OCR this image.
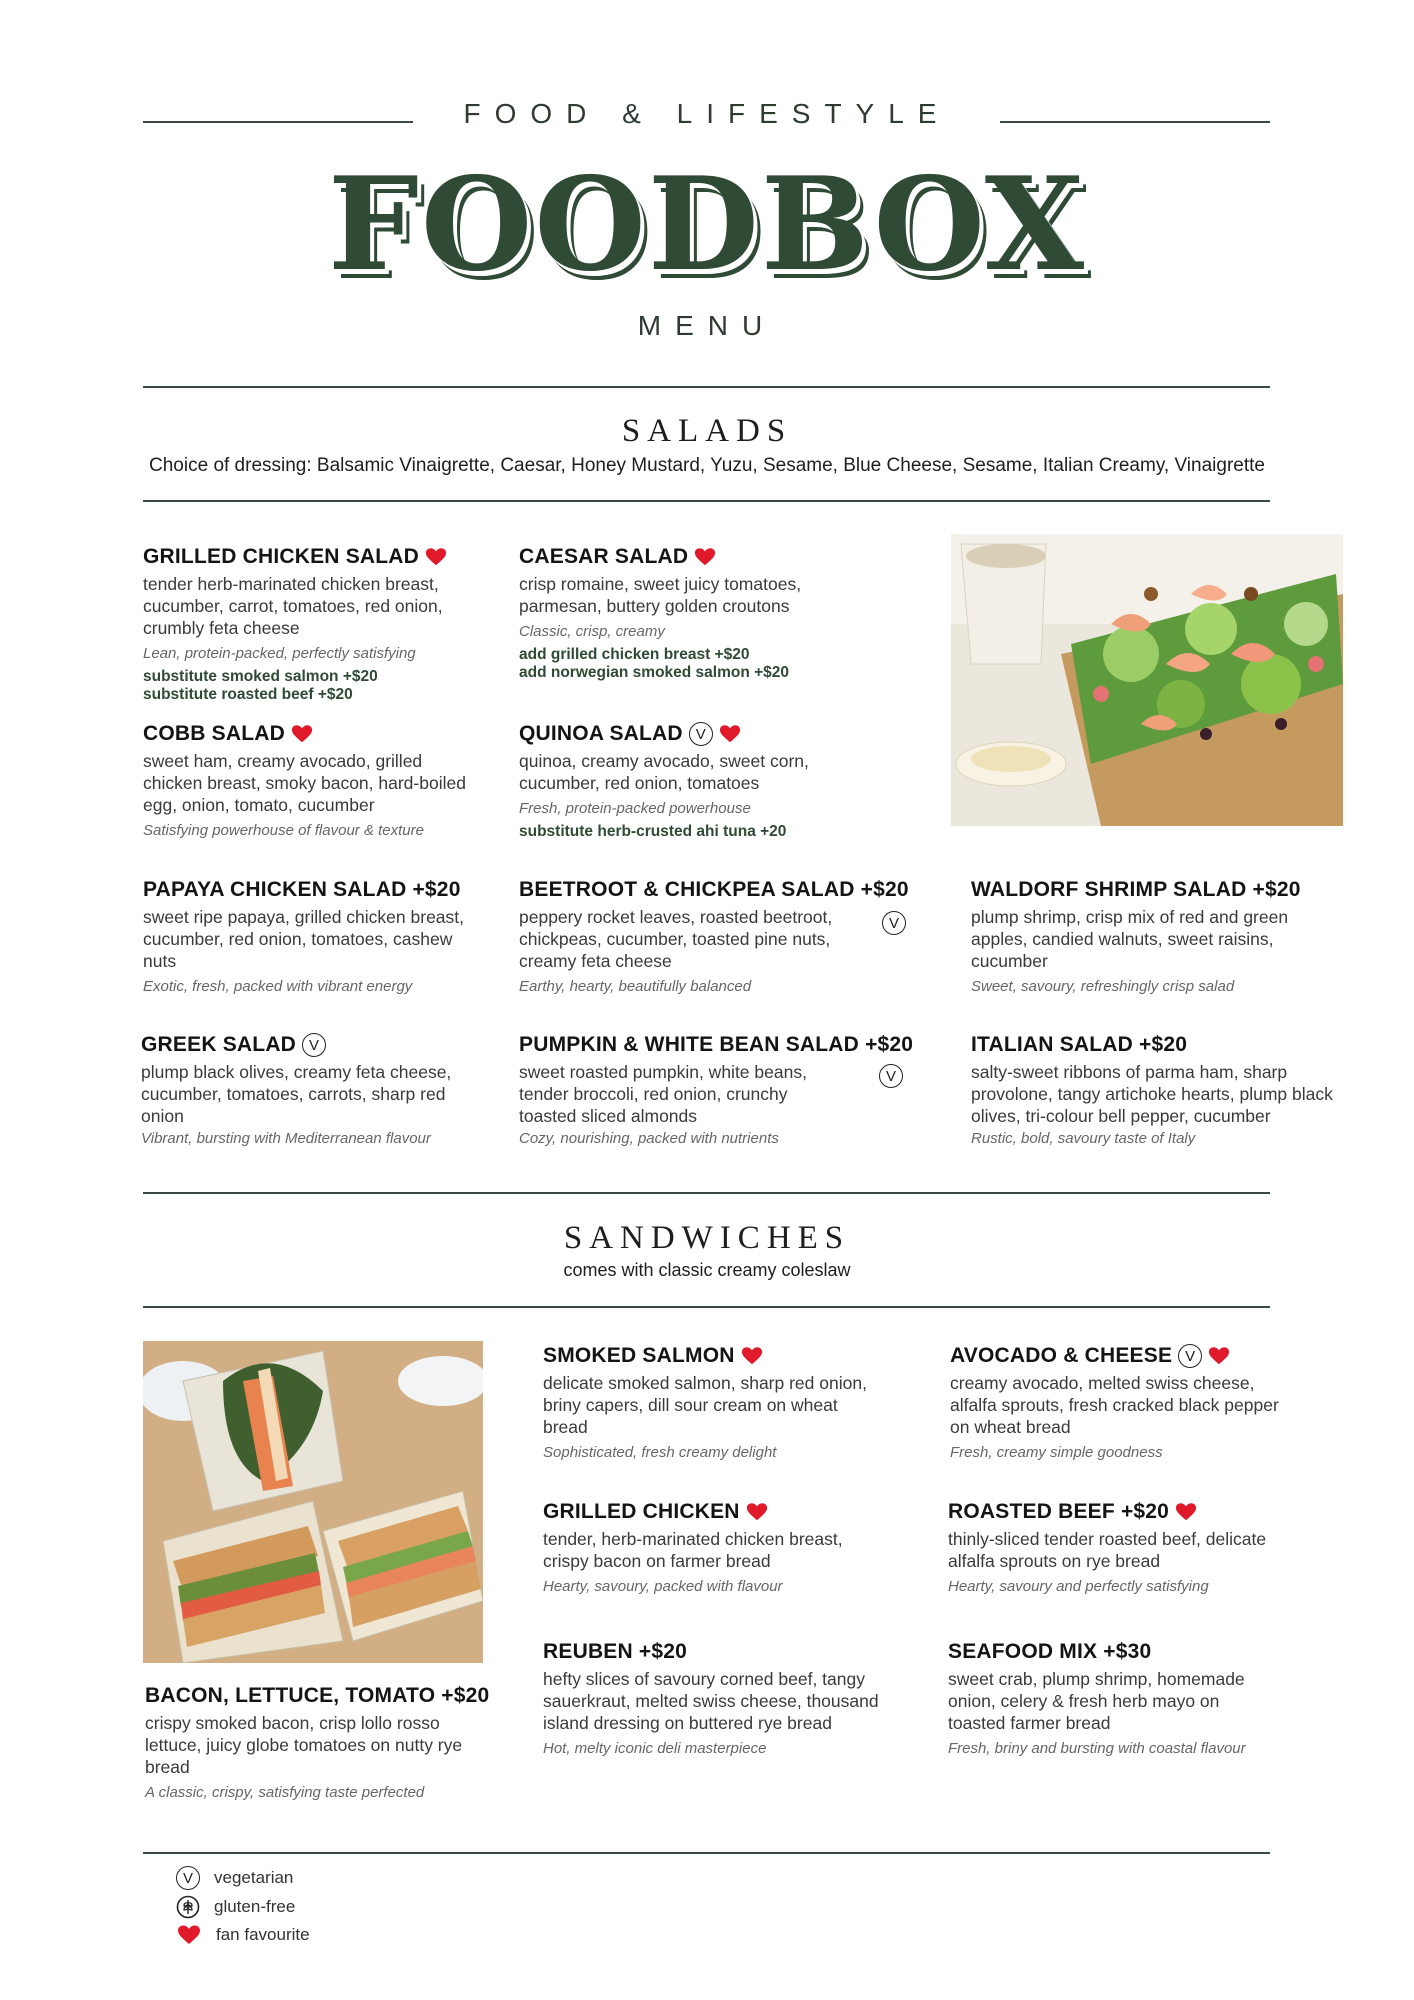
FOOD & LIFESTYLE
FOODBOX
MENU
SALADS
Choice of dressing: Balsamic Vinaigrette, Caesar, Honey Mustard, Yuzu, Sesame, Blue Cheese, Sesame, Italian Creamy, Vinaigrette
GRILLED CHICKEN SALAD
tender herb-marinated chicken breast, cucumber, carrot, tomatoes, red onion, crumbly feta cheese
Lean, protein-packed, perfectly satisfying
substitute smoked salmon +$20
substitute roasted beef +$20
CAESAR SALAD
crisp romaine, sweet juicy tomatoes, parmesan, buttery golden croutons
Classic, crisp, creamy
add grilled chicken breast +$20
add norwegian smoked salmon +$20
COBB SALAD
sweet ham, creamy avocado, grilled chicken breast, smoky bacon, hard-boiled egg, onion, tomato, cucumber
Satisfying powerhouse of flavour & texture
QUINOA SALAD V
quinoa, creamy avocado, sweet corn, cucumber, red onion, tomatoes
Fresh, protein-packed powerhouse
substitute herb-crusted ahi tuna +20
PAPAYA CHICKEN SALAD +$20
sweet ripe papaya, grilled chicken breast, cucumber, red onion, tomatoes, cashew nuts
Exotic, fresh, packed with vibrant energy
BEETROOT & CHICKPEA SALAD +$20
peppery rocket leaves, roasted beetroot, chickpeas, cucumber, toasted pine nuts, creamy feta cheese
Earthy, hearty, beautifully balanced
V
WALDORF SHRIMP SALAD +$20
plump shrimp, crisp mix of red and green apples, candied walnuts, sweet raisins, cucumber
Sweet, savoury, refreshingly crisp salad
GREEK SALAD V
plump black olives, creamy feta cheese, cucumber, tomatoes, carrots, sharp red onion
Vibrant, bursting with Mediterranean flavour
PUMPKIN & WHITE BEAN SALAD +$20
sweet roasted pumpkin, white beans, tender broccoli, red onion, crunchy toasted sliced almonds
Cozy, nourishing, packed with nutrients
V
ITALIAN SALAD +$20
salty-sweet ribbons of parma ham, sharp provolone, tangy artichoke hearts, plump black olives, tri-colour bell pepper, cucumber
Rustic, bold, savoury taste of Italy
SANDWICHES
comes with classic creamy coleslaw
SMOKED SALMON
delicate smoked salmon, sharp red onion, briny capers, dill sour cream on wheat bread
Sophisticated, fresh creamy delight
AVOCADO & CHEESE V
creamy avocado, melted swiss cheese, alfalfa sprouts, fresh cracked black pepper on wheat bread
Fresh, creamy simple goodness
GRILLED CHICKEN
tender, herb-marinated chicken breast, crispy bacon on farmer bread
Hearty, savoury, packed with flavour
ROASTED BEEF +$20
thinly-sliced tender roasted beef, delicate alfalfa sprouts on rye bread
Hearty, savoury and perfectly satisfying
REUBEN +$20
hefty slices of savoury corned beef, tangy sauerkraut, melted swiss cheese, thousand island dressing on buttered rye bread
Hot, melty iconic deli masterpiece
SEAFOOD MIX +$30
sweet crab, plump shrimp, homemade onion, celery & fresh herb mayo on toasted farmer bread
Fresh, briny and bursting with coastal flavour
BACON, LETTUCE, TOMATO +$20
crispy smoked bacon, crisp lollo rosso lettuce, juicy globe tomatoes on nutty rye bread
A classic, crispy, satisfying taste perfected
V	vegetarian
gluten-free
fan favourite
